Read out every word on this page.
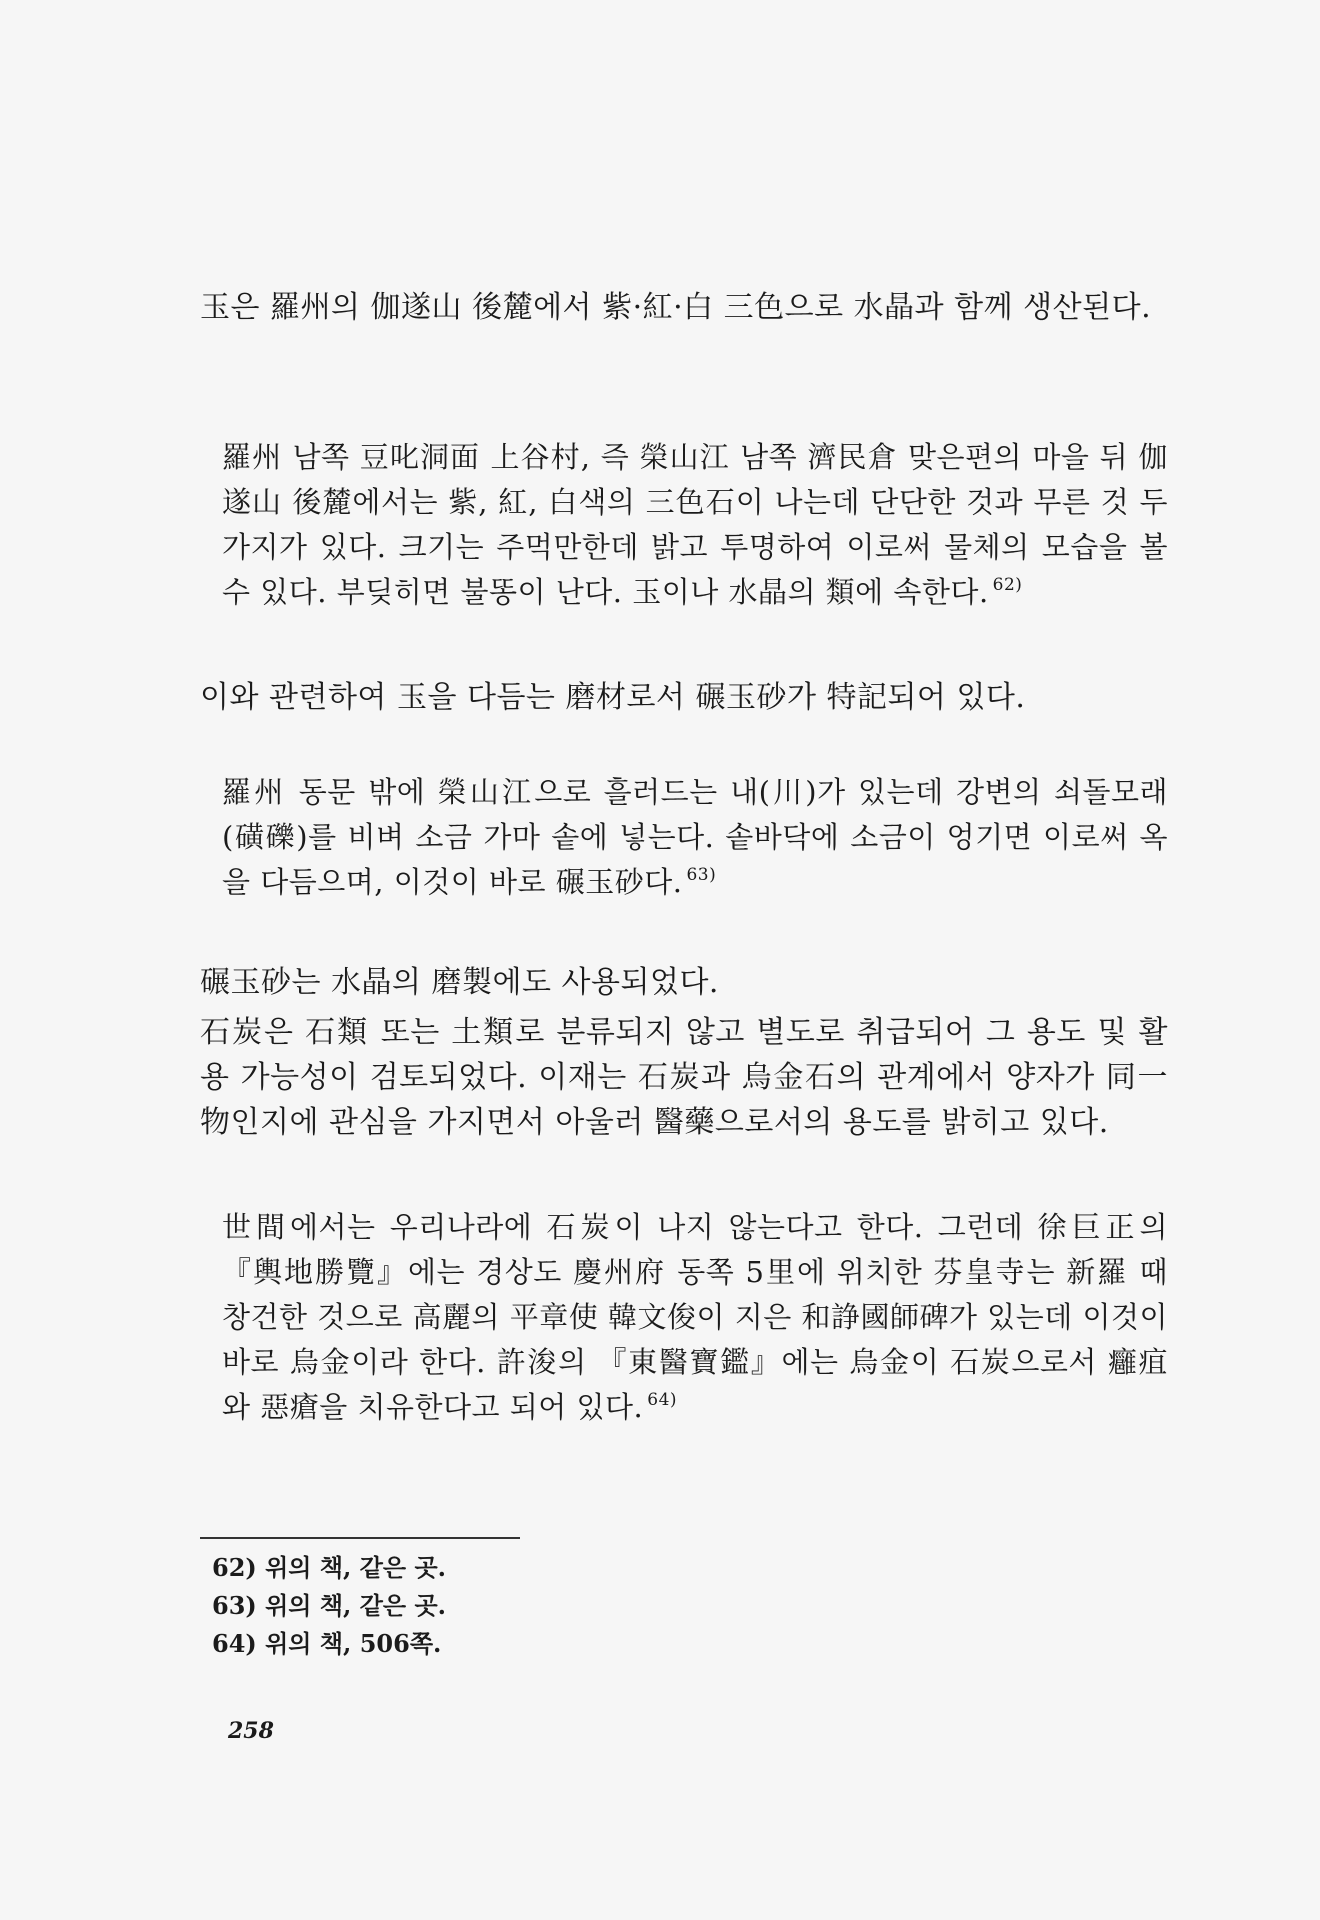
玉은 羅州의 伽遂山 後麓에서 紫·紅·白 三色으로 水晶과 함께 생산된다.

羅州 남쪽 豆叱洞面 上谷村, 즉 榮山江 남쪽 濟民倉 맞은편의 마을 뒤 伽遂山 後麓에서는 紫, 紅, 白색의 三色石이 나는데 단단한 것과 무른 것 두 가지가 있다. 크기는 주먹만한데 밝고 투명하여 이로써 물체의 모습을 볼 수 있다. 부딪히면 불똥이 난다. 玉이나 水晶의 類에 속한다. $^{62)}$

이와 관련하여 玉을 다듬는 磨材로서 碾玉砂가 特記되어 있다.

羅州 동문 밖에 榮山江으로 흘러드는 내(川)가 있는데 강변의 쇠돌모래(磺礫)를 비벼 소금 가마 솥에 넣는다. 솥바닥에 소금이 엉기면 이로써 옥을 다듬으며, 이것이 바로 碾玉砂다. $^{63)}$

碾玉砂는 水晶의 磨製에도 사용되었다.

石炭은 石類 또는 土類로 분류되지 않고 별도로 취급되어 그 용도 및 활용 가능성이 검토되었다. 이재는 石炭과 烏金石의 관계에서 양자가 同一物인지에 관심을 가지면서 아울러 醫藥으로서의 용도를 밝히고 있다.

世間에서는 우리나라에 石炭이 나지 않는다고 한다. 그런데 徐巨正의 『輿地勝覽』에는 경상도 慶州府 동쪽 5里에 위치한 芬皇寺는 新羅 때 창건한 것으로 高麗의 平章使 韓文俊이 지은 和諍國師碑가 있는데 이것이 바로 烏金이라 한다. 許浚의 『東醫寶鑑』에는 烏金이 石炭으로서 癰疽와 惡瘡을 치유한다고 되어 있다. $^{64)}$

62) 위의 책, 같은 곳.

63) 위의 책, 같은 곳.

64) 위의 책, 506쪽.

258
